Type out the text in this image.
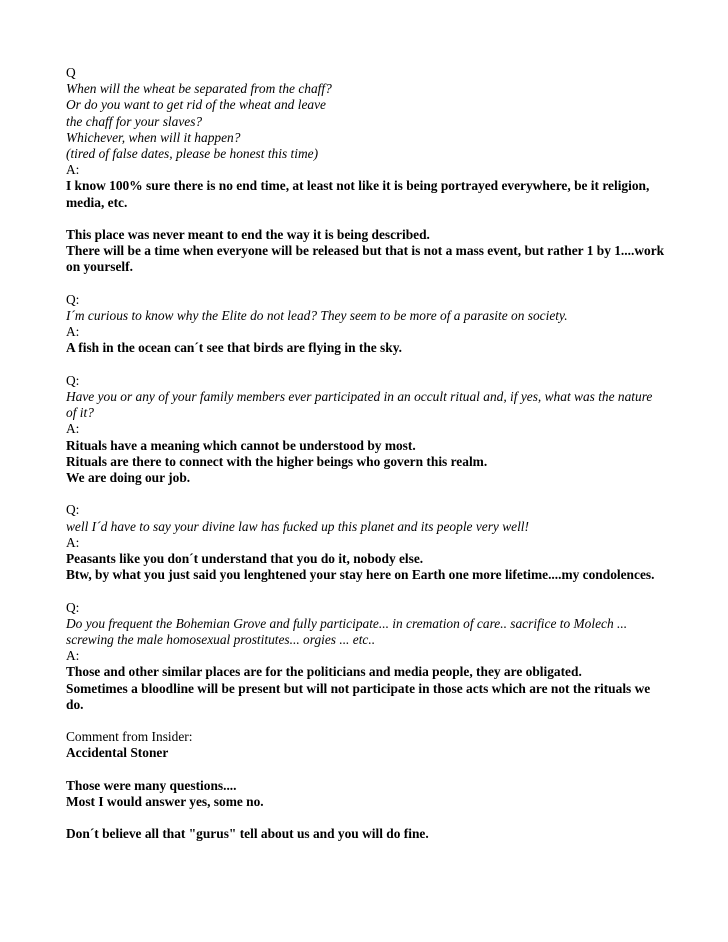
Q
When will the wheat be separated from the chaff?
Or do you want to get rid of the wheat and leave
the chaff for your slaves?
Whichever, when will it happen?
(tired of false dates, please be honest this time)
A:
I know 100% sure there is no end time, at least not like it is being portrayed everywhere, be it religion, media, etc.
This place was never meant to end the way it is being described.
There will be a time when everyone will be released but that is not a mass event, but rather 1 by 1....work on yourself.
Q:
I´m curious to know why the Elite do not lead? They seem to be more of a parasite on society.
A:
A fish in the ocean can´t see that birds are flying in the sky.
Q:
Have you or any of your family members ever participated in an occult ritual and, if yes, what was the nature of it?
A:
Rituals have a meaning which cannot be understood by most.
Rituals are there to connect with the higher beings who govern this realm.
We are doing our job.
Q:
well I´d have to say your divine law has fucked up this planet and its people very well!
A:
Peasants like you don´t understand that you do it, nobody else.
Btw, by what you just said you lenghtened your stay here on Earth one more lifetime....my condolences.
Q:
Do you frequent the Bohemian Grove and fully participate... in cremation of care.. sacrifice to Molech ... screwing the male homosexual prostitutes... orgies ... etc..
A:
Those and other similar places are for the politicians and media people, they are obligated.
Sometimes a bloodline will be present but will not participate in those acts which are not the rituals we do.
Comment from Insider:
Accidental Stoner
Those were many questions....
Most I would answer yes, some no.
Don´t believe all that "gurus" tell about us and you will do fine.
